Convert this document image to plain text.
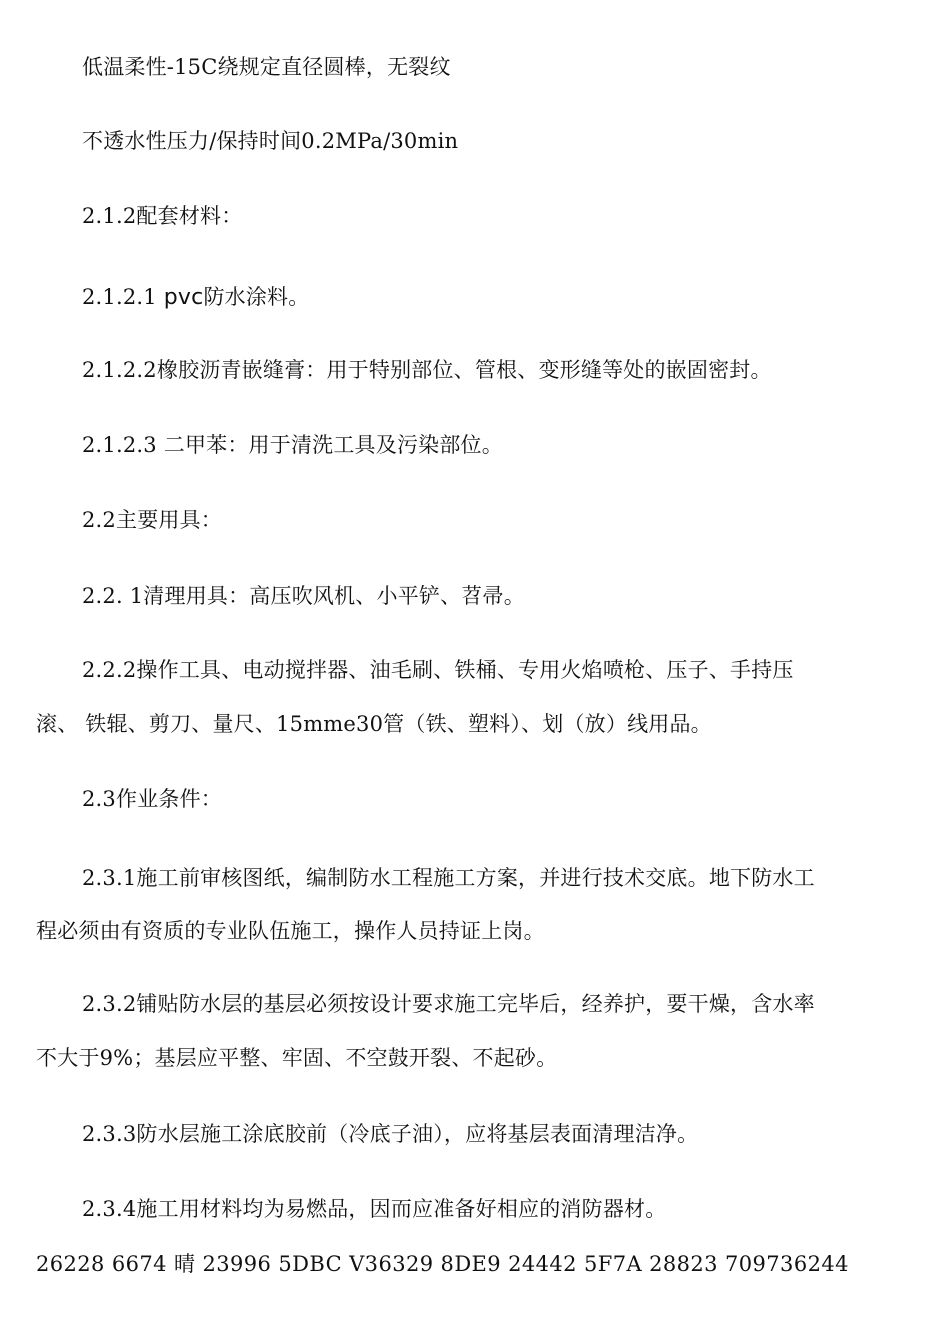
低温柔性-15C绕规定直径圆棒，无裂纹
不透水性压力/保持时间0.2MPa/30min
2.1.2配套材料：
2.1.2.1 pvc防水涂料。
2.1.2.2橡胶沥青嵌缝膏：用于特别部位、管根、变形缝等处的嵌固密封。
2.1.2.3 二甲苯：用于清洗工具及污染部位。
2.2主要用具：
2.2. 1清理用具：高压吹风机、小平铲、苕帚。
2.2.2操作工具、电动搅拌器、油毛刷、铁桶、专用火焰喷枪、压子、手持压
滚、 铁辊、剪刀、量尺、15mme30管（铁、塑料）、划（放）线用品。
2.3作业条件：
2.3.1施工前审核图纸，编制防水工程施工方案，并进行技术交底。地下防水工
程必须由有资质的专业队伍施工，操作人员持证上岗。
2.3.2铺贴防水层的基层必须按设计要求施工完毕后，经养护，要干燥，含水率
不大于9%；基层应平整、牢固、不空鼓开裂、不起砂。
2.3.3防水层施工涂底胶前（冷底子油），应将基层表面清理洁净。
2.3.4施工用材料均为易燃品，因而应准备好相应的消防器材。
26228 6674 晴 23996 5DBC V36329 8DE9 24442 5F7A 28823 709736244
